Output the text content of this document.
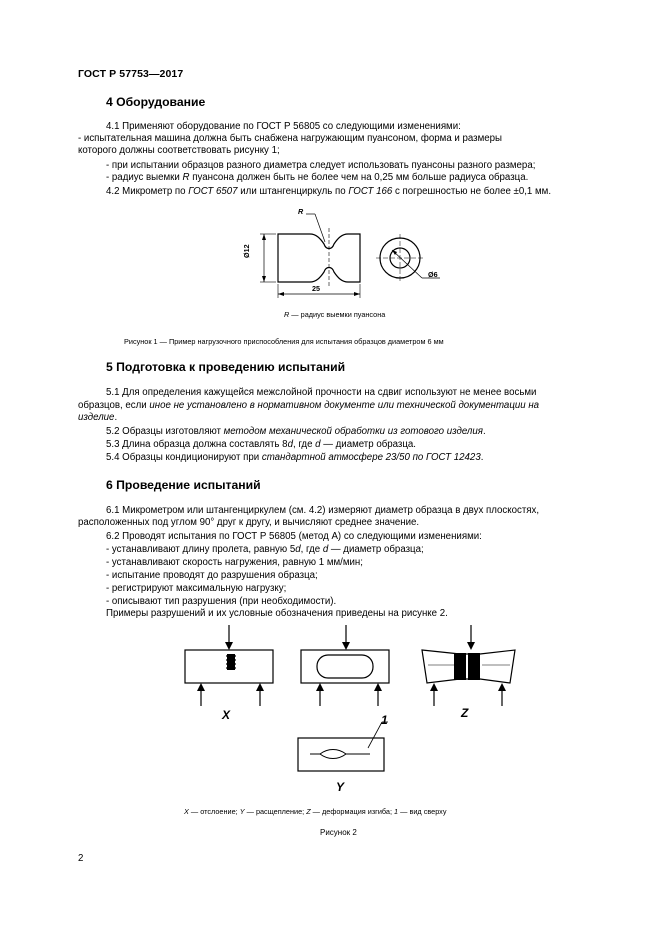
ГОСТ Р 57753—2017
4 Оборудование
4.1 Применяют оборудование по ГОСТ Р 56805 со следующими изменениями:
- испытательная машина должна быть снабжена нагружающим пуансоном, форма и размеры
которого должны соответствовать рисунку 1;
- при испытании образцов разного диаметра следует использовать пуансоны разного размера;
- радиус выемки R пуансона должен быть не более чем на 0,25 мм больше радиуса образца.
4.2 Микрометр по ГОСТ 6507 или штангенциркуль по ГОСТ 166 с погрешностью не более ±0,1 мм.
R
Ø12
25
Ø6
R — радиус выемки пуансона
Рисунок 1 — Пример нагрузочного приспособления для испытания образцов диаметром 6 мм
5 Подготовка к проведению испытаний
5.1 Для определения кажущейся межслойной прочности на сдвиг используют не менее восьми
образцов, если иное не установлено в нормативном документе или технической документации на
изделие.
5.2 Образцы изготовляют методом механической обработки из готового изделия.
5.3 Длина образца должна составлять 8d, где d — диаметр образца.
5.4 Образцы кондиционируют при стандартной атмосфере 23/50 по ГОСТ 12423.
6 Проведение испытаний
6.1 Микрометром или штангенциркулем (см. 4.2) измеряют диаметр образца в двух плоскостях,
расположенных под углом 90° друг к другу, и вычисляют среднее значение.
6.2 Проводят испытания по ГОСТ Р 56805 (метод А) со следующими изменениями:
- устанавливают длину пролета, равную 5d, где d — диаметр образца;
- устанавливают скорость нагружения, равную 1 мм/мин;
- испытание проводят до разрушения образца;
- регистрируют максимальную нагрузку;
- описывают тип разрушения (при необходимости).
Примеры разрушений и их условные обозначения приведены на рисунке 2.
X	Z
1
Y
X — отслоение; Y — расщепление; Z — деформация изгиба; 1 — вид сверху
Рисунок 2
2
